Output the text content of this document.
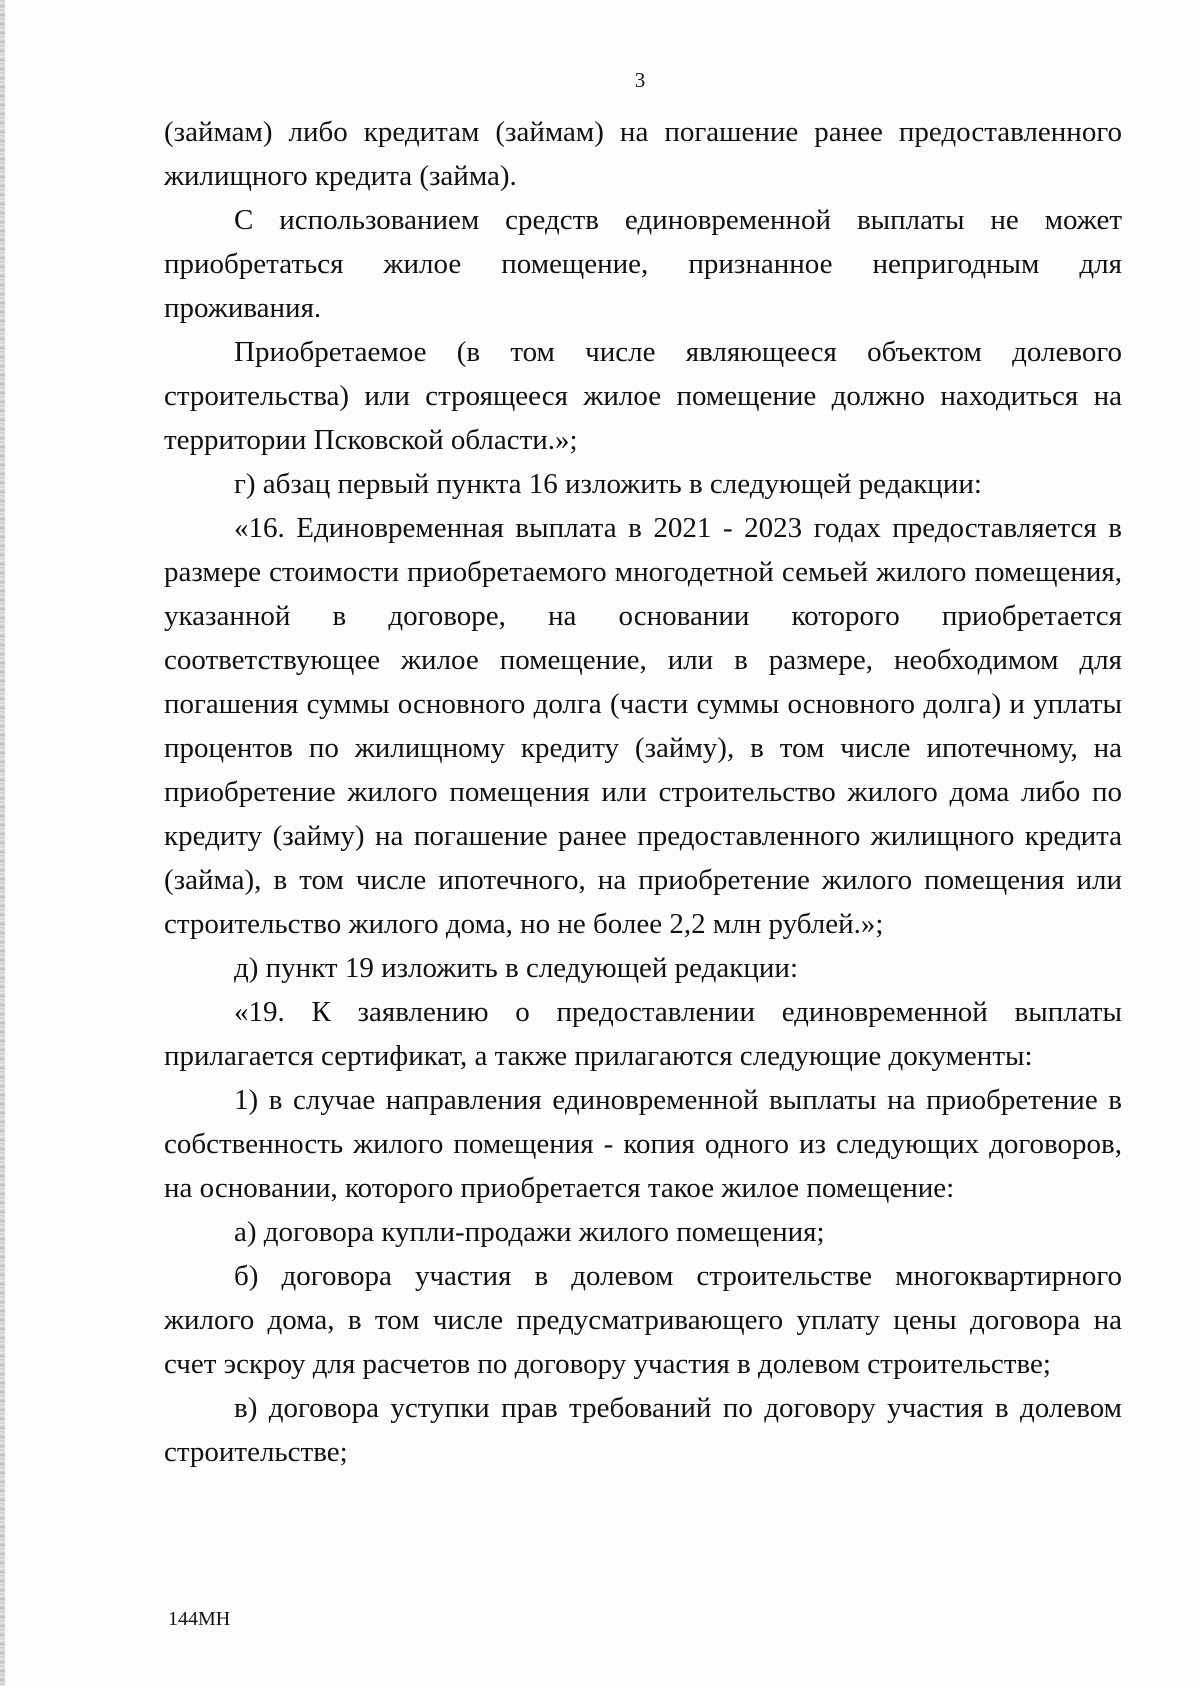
3

(займам) либо кредитам (займам) на погашение ранее предоставленного жилищного кредита (займа).

С использованием средств единовременной выплаты не может приобретаться жилое помещение, признанное непригодным для проживания.

Приобретаемое (в том числе являющееся объектом долевого строительства) или строящееся жилое помещение должно находиться на территории Псковской области.»;

г) абзац первый пункта 16 изложить в следующей редакции:

«16. Единовременная выплата в 2021 - 2023 годах предоставляется в размере стоимости приобретаемого многодетной семьей жилого помещения, указанной в договоре, на основании которого приобретается соответствующее жилое помещение, или в размере, необходимом для погашения суммы основного долга (части суммы основного долга) и уплаты процентов по жилищному кредиту (займу), в том числе ипотечному, на приобретение жилого помещения или строительство жилого дома либо по кредиту (займу) на погашение ранее предоставленного жилищного кредита (займа), в том числе ипотечного, на приобретение жилого помещения или строительство жилого дома, но не более 2,2 млн рублей.»;

д) пункт 19 изложить в следующей редакции:

«19. К заявлению о предоставлении единовременной выплаты прилагается сертификат, а также прилагаются следующие документы:

1) в случае направления единовременной выплаты на приобретение в собственность жилого помещения - копия одного из следующих договоров, на основании, которого приобретается такое жилое помещение:

а) договора купли-продажи жилого помещения;

б) договора участия в долевом строительстве многоквартирного жилого дома, в том числе предусматривающего уплату цены договора на счет эскроу для расчетов по договору участия в долевом строительстве;

в) договора уступки прав требований по договору участия в долевом строительстве;

144МН
